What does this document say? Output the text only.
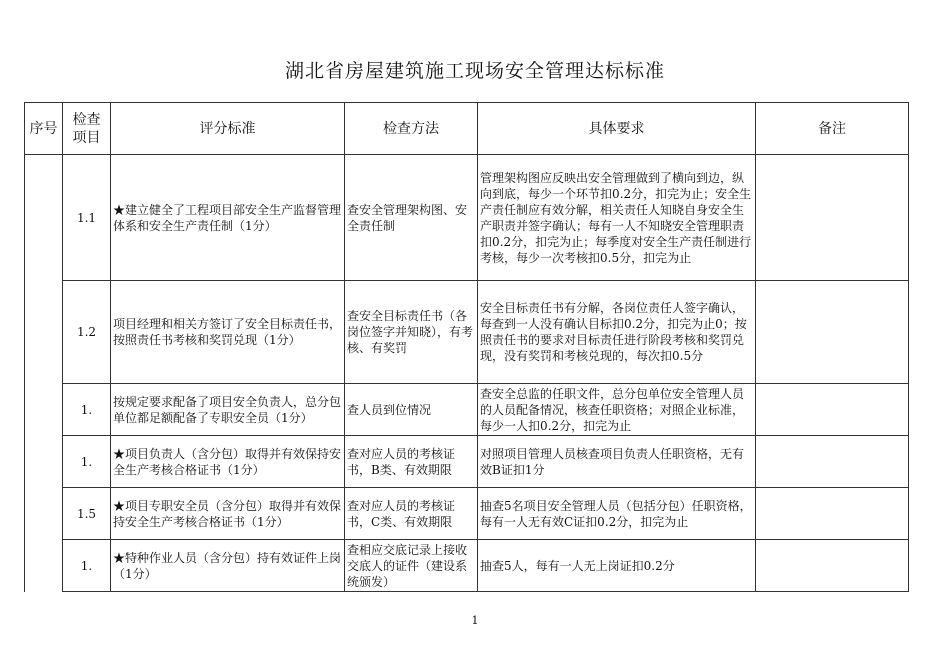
湖北省房屋建筑施工现场安全管理达标标准
序号	检查项目	评分标准	检查方法	具体要求	备注
	1.1	★建立健全了工程项目部安全生产监督管理体系和安全生产责任制（1分）	查安全管理架构图、安全责任制	管理架构图应反映出安全管理做到了横向到边，纵向到底，每少一个环节扣0.2分，扣完为止；安全生产责任制应有效分解，相关责任人知晓自身安全生产职责并签字确认；每有一人不知晓安全管理职责扣0.2分，扣完为止；每季度对安全生产责任制进行考核，每少一次考核扣0.5分，扣完为止	
	1.2	项目经理和相关方签订了安全目标责任书，按照责任书考核和奖罚兑现（1分）	查安全目标责任书（各岗位签字并知晓），有考核、有奖罚	安全目标责任书有分解，各岗位责任人签字确认，每查到一人没有确认目标扣0.2分，扣完为止0；按照责任书的要求对目标责任进行阶段考核和奖罚兑现，没有奖罚和考核兑现的，每次扣0.5分	
	1.	按规定要求配备了项目安全负责人，总分包单位都足额配备了专职安全员（1分）	查人员到位情况	查安全总监的任职文件，总分包单位安全管理人员的人员配备情况，核查任职资格；对照企业标准，每少一人扣0.2分，扣完为止	
	1.	★项目负责人（含分包）取得并有效保持安全生产考核合格证书（1分）	查对应人员的考核证书，B类、有效期限	对照项目管理人员核查项目负责人任职资格，无有效B证扣1分	
	1.5	★项目专职安全员（含分包）取得并有效保持安全生产考核合格证书（1分）	查对应人员的考核证书，C类、有效期限	抽查5名项目安全管理人员（包括分包）任职资格，每有一人无有效C证扣0.2分，扣完为止	
	1.	★特种作业人员（含分包）持有效证件上岗（1分）	查相应交底记录上接收交底人的证件（建设系统颁发）	抽查5人，每有一人无上岗证扣0.2分	
1
